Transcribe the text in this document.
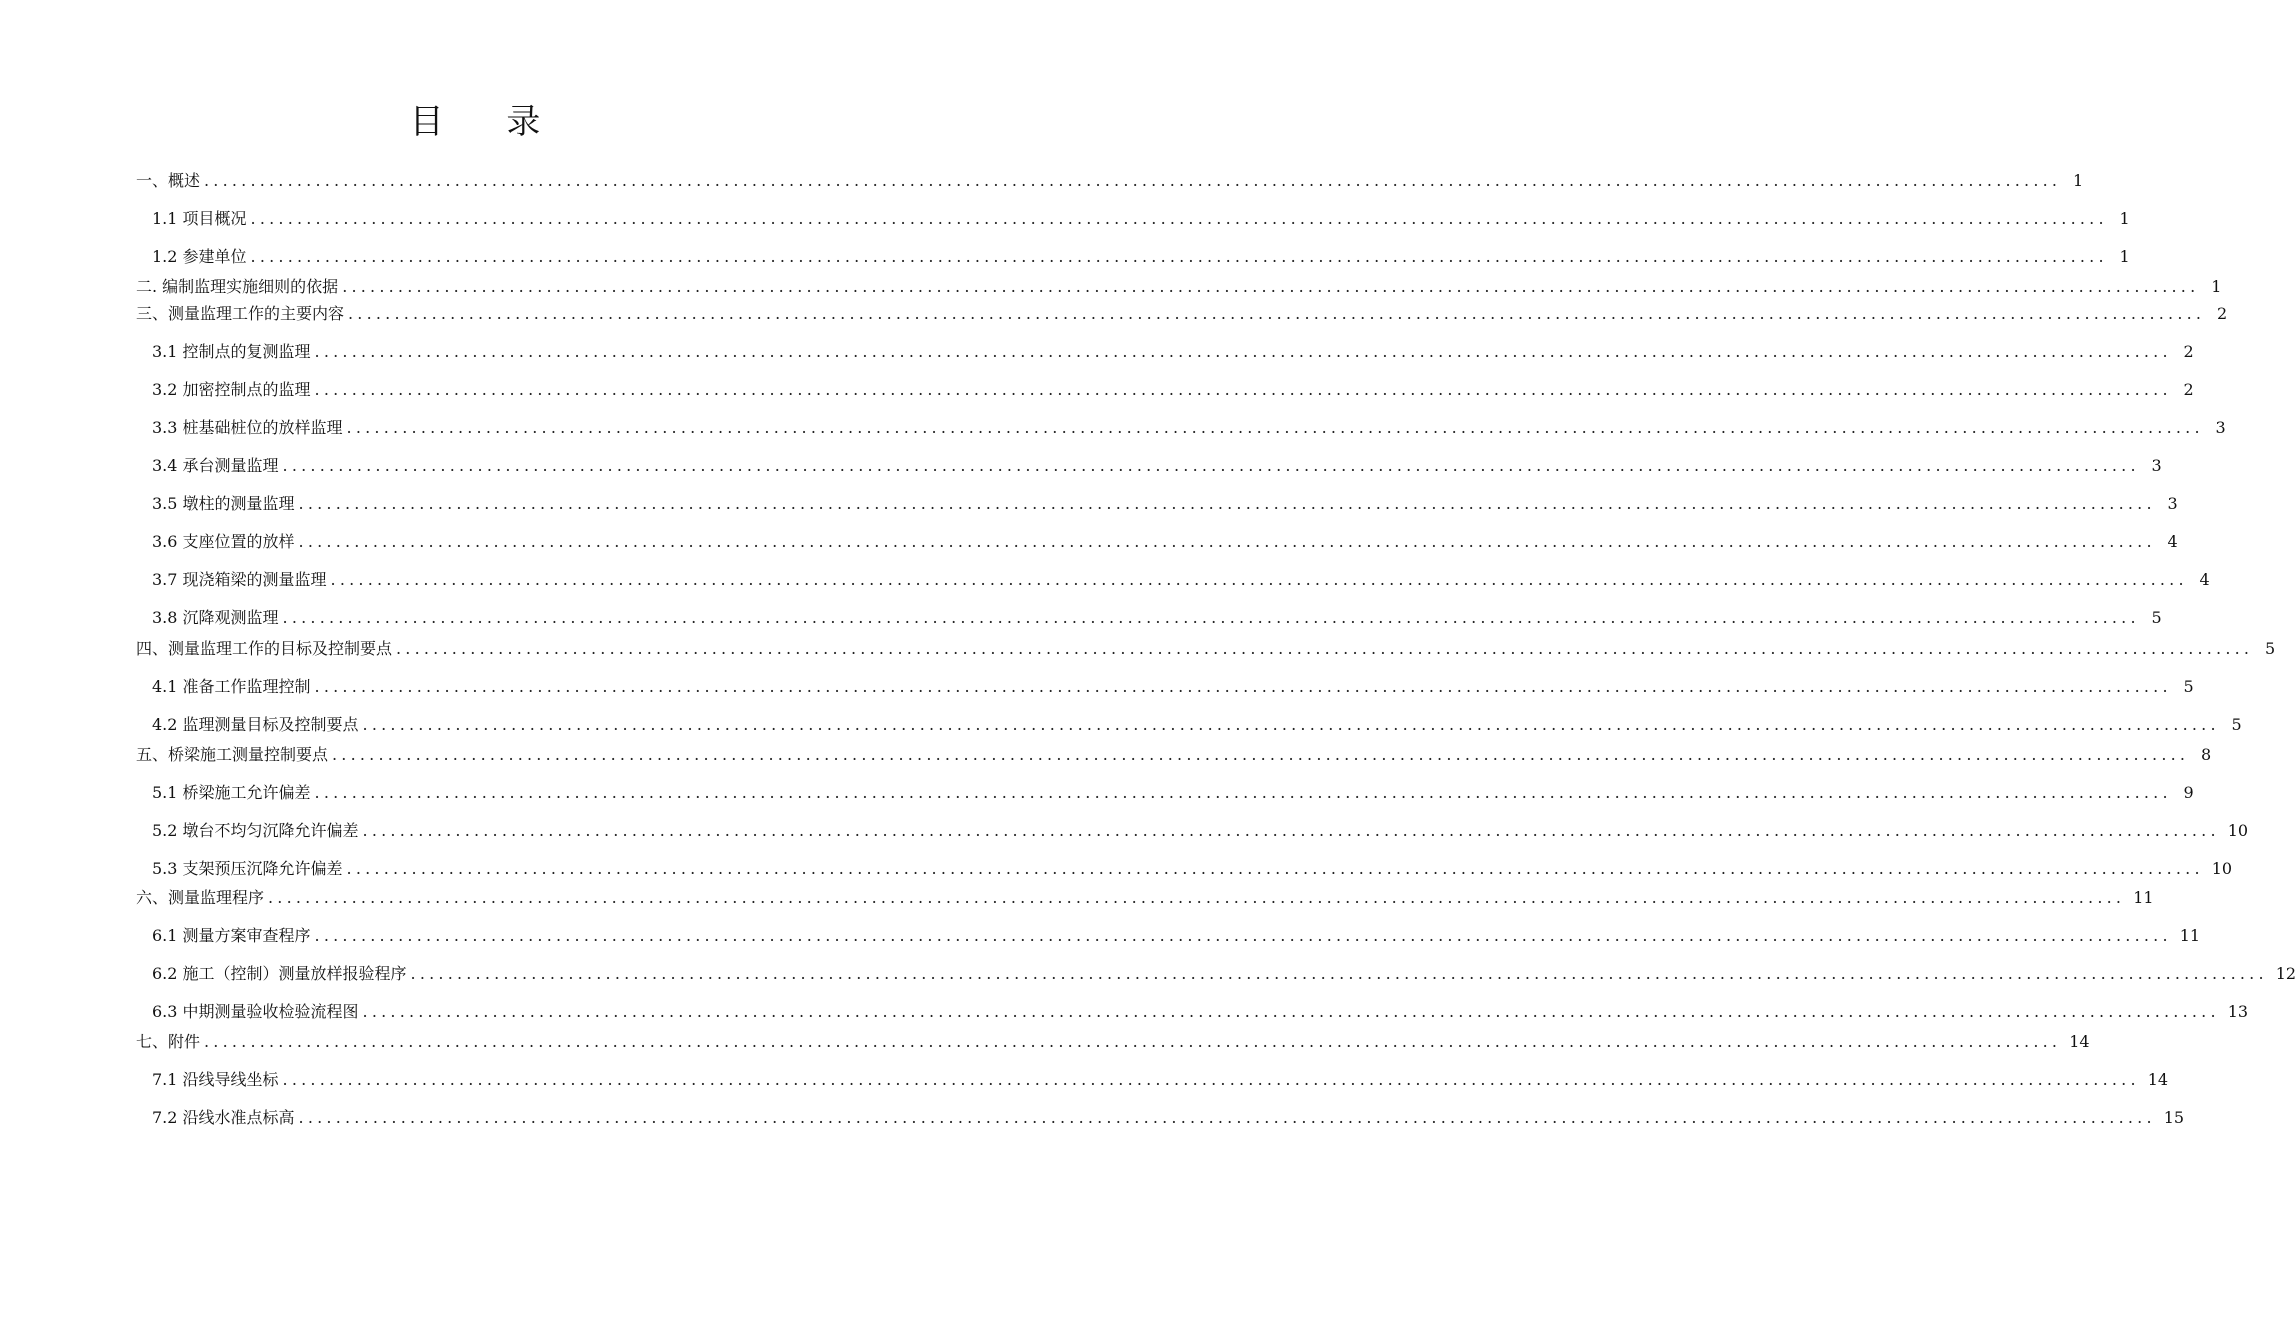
目 录
一、概述 ........................................................................................................................................................................................................ 1
1.1 项目概况 ........................................................................................................................................................................................................ 1
1.2 参建单位 ........................................................................................................................................................................................................ 1
二. 编制监理实施细则的依据 ........................................................................................................................................................................................................ 1
三、测量监理工作的主要内容 ........................................................................................................................................................................................................ 2
3.1 控制点的复测监理 ........................................................................................................................................................................................................ 2
3.2 加密控制点的监理 ........................................................................................................................................................................................................ 2
3.3 桩基础桩位的放样监理 ........................................................................................................................................................................................................ 3
3.4 承台测量监理 ........................................................................................................................................................................................................ 3
3.5 墩柱的测量监理 ........................................................................................................................................................................................................ 3
3.6 支座位置的放样 ........................................................................................................................................................................................................ 4
3.7 现浇箱梁的测量监理 ........................................................................................................................................................................................................ 4
3.8 沉降观测监理 ........................................................................................................................................................................................................ 5
四、测量监理工作的目标及控制要点 ........................................................................................................................................................................................................ 5
4.1 准备工作监理控制 ........................................................................................................................................................................................................ 5
4.2 监理测量目标及控制要点 ........................................................................................................................................................................................................ 5
五、桥梁施工测量控制要点 ........................................................................................................................................................................................................ 8
5.1 桥梁施工允许偏差 ........................................................................................................................................................................................................ 9
5.2 墩台不均匀沉降允许偏差 ........................................................................................................................................................................................................ 10
5.3 支架预压沉降允许偏差 ........................................................................................................................................................................................................ 10
六、测量监理程序 ........................................................................................................................................................................................................ 11
6.1 测量方案审查程序 ........................................................................................................................................................................................................ 11
6.2 施工（控制）测量放样报验程序 ........................................................................................................................................................................................................ 12
6.3 中期测量验收检验流程图 ........................................................................................................................................................................................................ 13
七、附件 ........................................................................................................................................................................................................ 14
7.1 沿线导线坐标 ........................................................................................................................................................................................................ 14
7.2 沿线水准点标高 ........................................................................................................................................................................................................ 15
